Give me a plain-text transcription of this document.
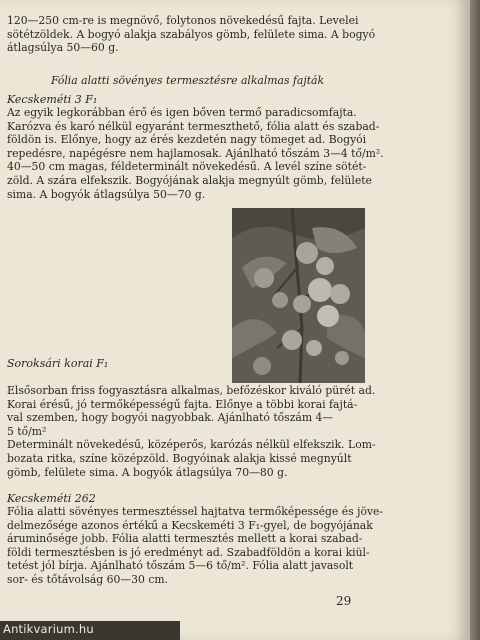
120—250 cm-re is megnövő, folytonos növekedésű fajta. Levelei
sötétzöldek. A bogyó alakja szabályos gömb, felülete sima. A bogyó
átlagsúlya 50—60 g.

Fólia alatti sövényes termesztésre alkalmas fajták

Kecskeméti 3 F₁

Az egyik legkorábban érő és igen bőven termő paradicsomfajta.
Karózva és karó nélkül egyaránt termeszthető, fólia alatt és szabad-
földön is. Előnye, hogy az érés kezdetén nagy tömeget ad. Bogyói
repedésre, napégésre nem hajlamosak. Ajánlható tőszám 3—4 tő/m².
40—50 cm magas, féldeterminált növekedésű. A levél színe sötét-
zöld. A szára elfekszik. Bogyójának alakja megnyúlt gömb, felülete
sima. A bogyók átlagsúlya 50—70 g.

Soroksári korai F₁

Elsősorban friss fogyasztásra alkalmas, befőzéskor kiváló pürét ad.
Korai érésű, jó termőképességű fajta. Előnye a többi korai fajtá-
val szemben, hogy bogyói nagyobbak. Ajánlható tőszám 4—
5 tő/m²
Determinált növekedésű, középerős, karózás nélkül elfekszik. Lom-
bozata ritka, színe középzöld. Bogyóinak alakja kissé megnyúlt
gömb, felülete sima. A bogyók átlagsúlya 70—80 g.

Kecskeméti 262

Fólia alatti sövényes termesztéssel hajtatva termőképessége és jöve-
delmezősége azonos értékű a Kecskeméti 3 F₁-gyel, de bogyójának
áruminősége jobb. Fólia alatti termesztés mellett a korai szabad-
földi termesztésben is jó eredményt ad. Szabadföldön a korai kiül-
tetést jól bírja. Ajánlható tőszám 5—6 tő/m². Fólia alatt javasolt
sor- és tőtávolság 60—30 cm.

29
Antikvarium.hu
